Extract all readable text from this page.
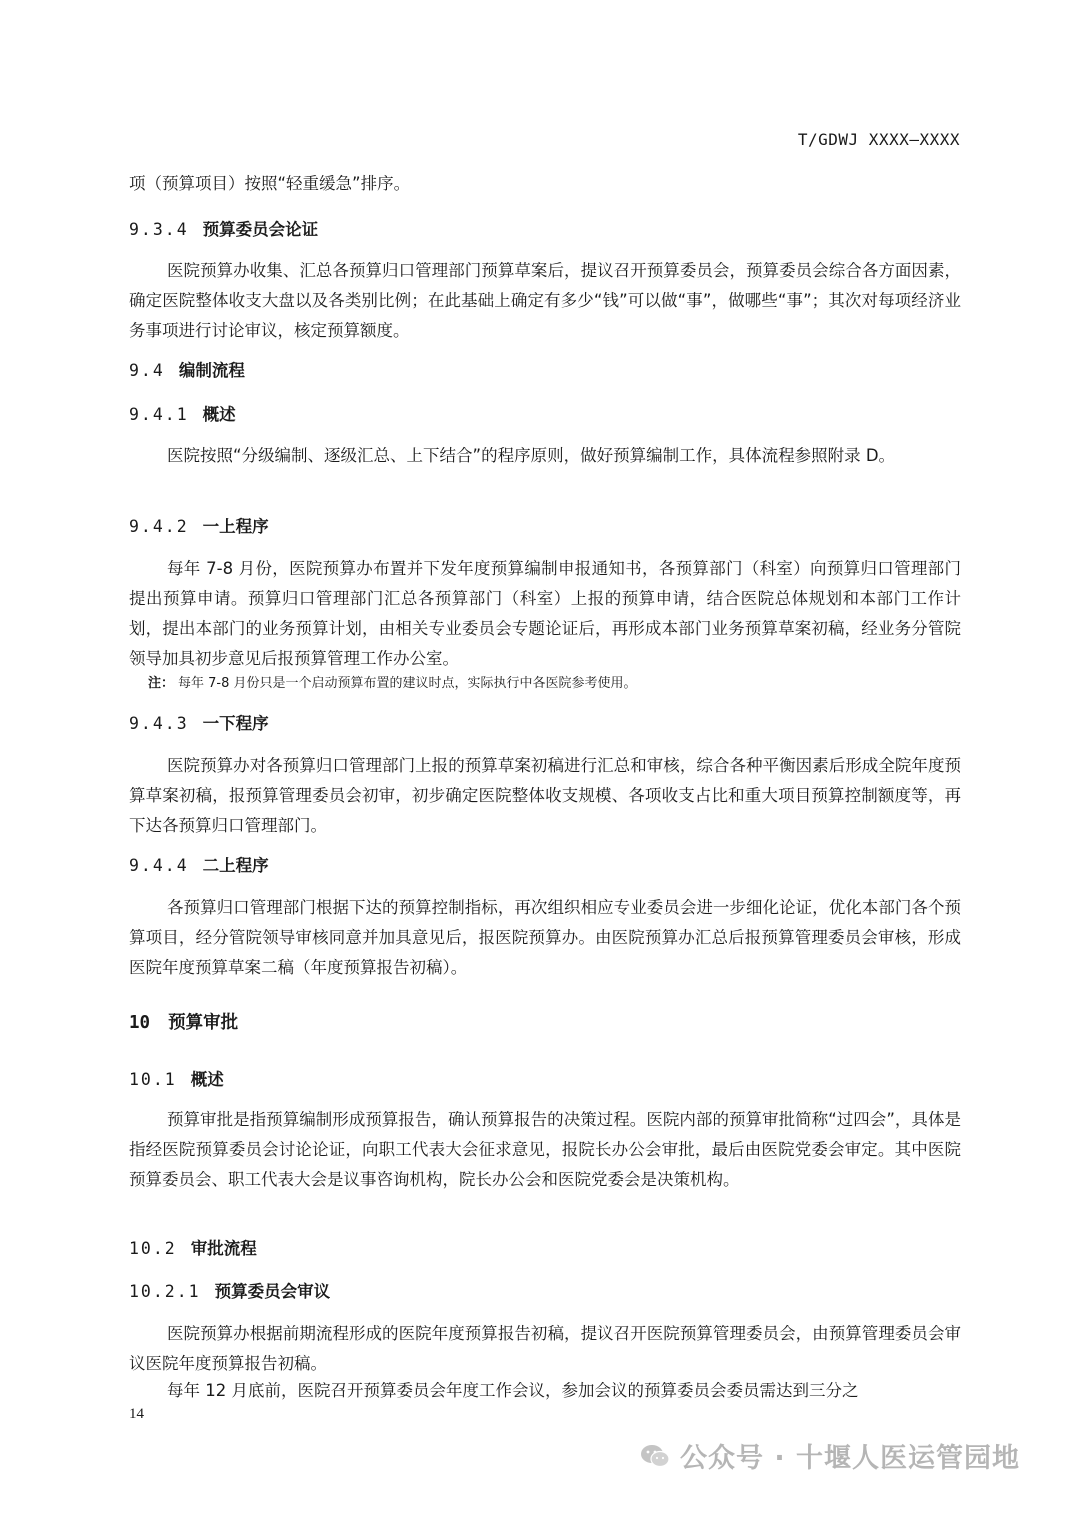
T/GDWJ XXXX—XXXX
项（预算项目）按照“轻重缓急”排序。
9.3.4 预算委员会论证
医院预算办收集、汇总各预算归口管理部门预算草案后，提议召开预算委员会，预算委员会综合各方面因素，确定医院整体收支大盘以及各类别比例；在此基础上确定有多少“钱”可以做“事”，做哪些“事”；其次对每项经济业务事项进行讨论审议，核定预算额度。
9.4 编制流程
9.4.1 概述
医院按照“分级编制、逐级汇总、上下结合”的程序原则，做好预算编制工作，具体流程参照附录 D。
9.4.2 一上程序
每年 7-8 月份，医院预算办布置并下发年度预算编制申报通知书，各预算部门（科室）向预算归口管理部门提出预算申请。预算归口管理部门汇总各预算部门（科室）上报的预算申请，结合医院总体规划和本部门工作计划，提出本部门的业务预算计划，由相关专业委员会专题论证后，再形成本部门业务预算草案初稿，经业务分管院领导加具初步意见后报预算管理工作办公室。
注： 每年 7-8 月份只是一个启动预算布置的建议时点，实际执行中各医院参考使用。
9.4.3 一下程序
医院预算办对各预算归口管理部门上报的预算草案初稿进行汇总和审核，综合各种平衡因素后形成全院年度预算草案初稿，报预算管理委员会初审，初步确定医院整体收支规模、各项收支占比和重大项目预算控制额度等，再下达各预算归口管理部门。
9.4.4 二上程序
各预算归口管理部门根据下达的预算控制指标，再次组织相应专业委员会进一步细化论证，优化本部门各个预算项目，经分管院领导审核同意并加具意见后，报医院预算办。由医院预算办汇总后报预算管理委员会审核，形成医院年度预算草案二稿（年度预算报告初稿）。
10 预算审批
10.1 概述
预算审批是指预算编制形成预算报告，确认预算报告的决策过程。医院内部的预算审批简称“过四会”，具体是指经医院预算委员会讨论论证，向职工代表大会征求意见，报院长办公会审批，最后由医院党委会审定。其中医院预算委员会、职工代表大会是议事咨询机构，院长办公会和医院党委会是决策机构。
10.2 审批流程
10.2.1 预算委员会审议
医院预算办根据前期流程形成的医院年度预算报告初稿，提议召开医院预算管理委员会，由预算管理委员会审议医院年度预算报告初稿。
每年 12 月底前，医院召开预算委员会年度工作会议，参加会议的预算委员会委员需达到三分之
14
公众号 · 十堰人医运管园地
